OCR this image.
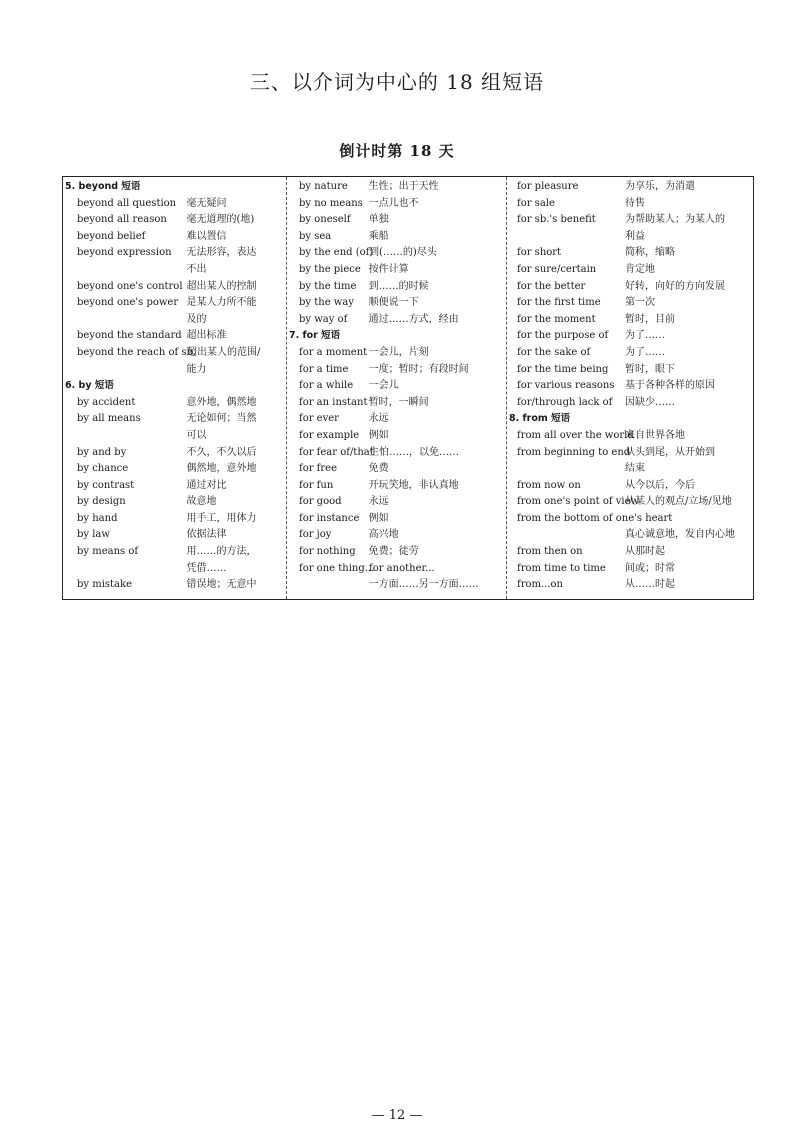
三、以介词为中心的 18 组短语
倒计时第 18 天
5. beyond 短语
beyond all question	毫无疑问
beyond all reason	毫无道理的(地)
beyond belief	难以置信
beyond expression	无法形容，表达
不出
beyond one's control 超出某人的控制
beyond one's power 是某人力所不能
及的
beyond the standard 超出标准
beyond the reach of sb.
超出某人的范围/
能力
6. by 短语
by accident	意外地，偶然地
by all means	无论如何；当然
可以
by and by	不久，不久以后
by chance	偶然地，意外地
by contrast	通过对比
by design	故意地
by hand	用手工，用体力
by law	依据法律
by means of	用……的方法，
凭借……
by mistake	错误地；无意中
by nature	生性；出于天性
by no means 一点儿也不
by oneself	单独
by sea	乘船
by the end (of)
到(……的)尽头
by the piece 按件计算
by the time	到……的时候
by the way	顺便说一下
by way of	通过……方式，经由
7. for 短语
for a moment 一会儿，片刻
for a time	一度；暂时；有段时间
for a while	一会儿
for an instant 暂时，一瞬间
for ever	永远
for example 例如
for fear of/that
生怕……，以免……
for free	免费
for fun	开玩笑地，非认真地
for good	永远
for instance 例如
for joy	高兴地
for nothing	免费；徒劳
for one thing...
for another...
一方面……另一方面……
for pleasure	为享乐，为消遣
for sale	待售
for sb.'s benefit	为帮助某人；为某人的
利益
for short	简称，缩略
for sure/certain	肯定地
for the better	好转，向好的方向发展
for the first time	第一次
for the moment	暂时，目前
for the purpose of	为了……
for the sake of	为了……
for the time being	暂时，眼下
for various reasons	基于各种各样的原因
for/through lack of	因缺少……
8. from 短语
from all over the world
来自世界各地
from beginning to end
从头到尾，从开始到
结束
from now on	从今以后，今后
from one's point of view
从某人的观点/立场/见地
from the bottom of one's heart
真心诚意地，发自内心地
from then on	从那时起
from time to time	间或；时常
from...on	从……时起
— 12 —
